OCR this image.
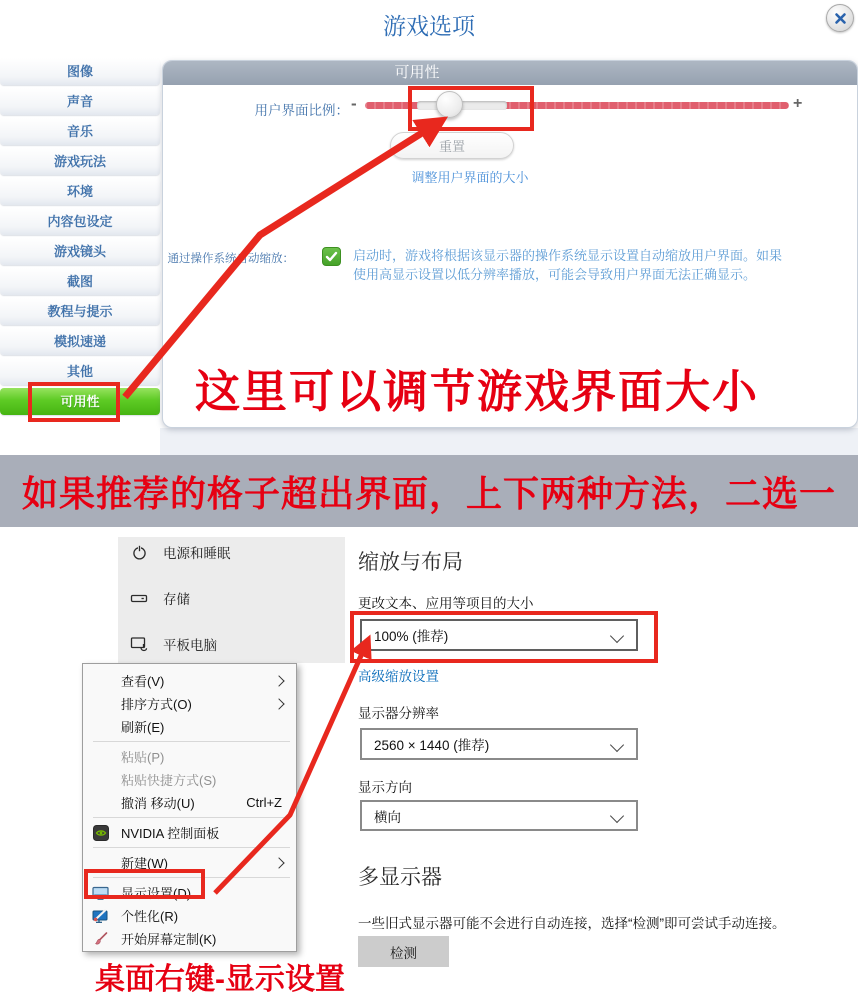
游戏选项
图像
声音
音乐
游戏玩法
环境
内容包设定
游戏镜头
截图
教程与提示
模拟速递
其他
可用性
可用性
用户界面比例： -	+
重置
调整用户界面的大小
通过操作系统自动缩放：	启动时，游戏将根据该显示器的操作系统显示设置自动缩放用户界面。如果
使用高显示设置以低分辨率播放，可能会导致用户界面无法正确显示。
这里可以调节游戏界面大小
如果推荐的格子超出界面，上下两种方法，二选一
电源和睡眠
存储
平板电脑
缩放与布局
更改文本、应用等项目的大小
100% (推荐)
高级缩放设置
显示器分辨率
2560 × 1440 (推荐)
显示方向
横向
多显示器
一些旧式显示器可能不会进行自动连接，选择“检测”即可尝试手动连接。
检测
查看(V)
排序方式(O)
刷新(E)
粘贴(P)
粘贴快捷方式(S)
撤消 移动(U)	Ctrl+Z
NVIDIA 控制面板
新建(W)
显示设置(D)
个性化(R)
开始屏幕定制(K)
桌面右键-显示设置
